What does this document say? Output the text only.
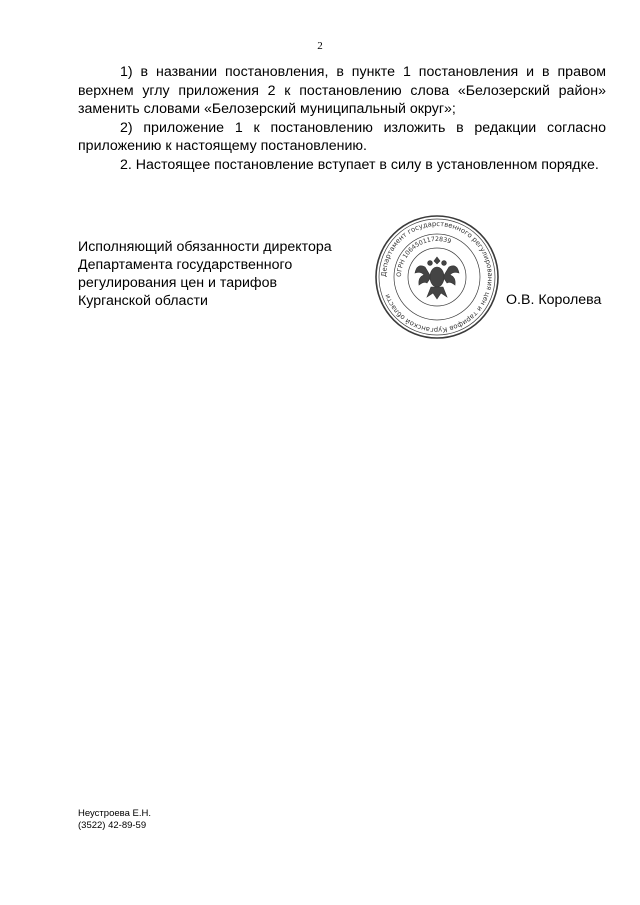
2

1) в названии постановления, в пункте 1 постановления и в правом верхнем углу приложения 2 к постановлению слова «Белозерский район» заменить словами «Белозерский муниципальный округ»;

2) приложение 1 к постановлению изложить в редакции согласно приложению к настоящему постановлению.

2. Настоящее постановление вступает в силу в установленном порядке.

Исполняющий обязанности директора
Департамента государственного
регулирования цен и тарифов
Курганской области
Департамент государственного регулирования цен и тарифов Курганской области
ОГРН 1064501172839
О.В. Королева
Неустроева Е.Н.
(3522) 42-89-59
